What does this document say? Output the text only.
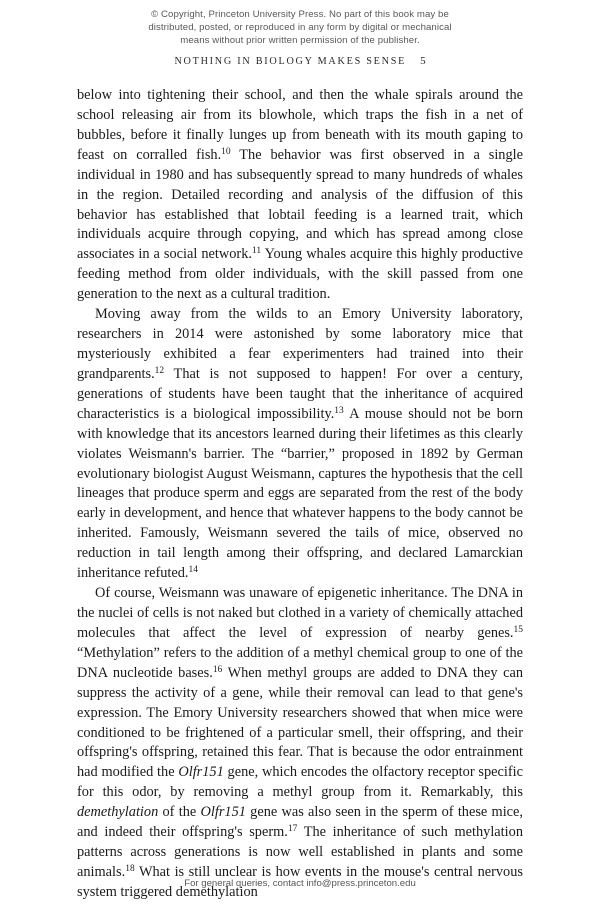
© Copyright, Princeton University Press. No part of this book may be
distributed, posted, or reproduced in any form by digital or mechanical
means without prior written permission of the publisher.
NOTHING IN BIOLOGY MAKES SENSE 5

below into tightening their school, and then the whale spirals around the school releasing air from its blowhole, which traps the fish in a net of bubbles, before it finally lunges up from beneath with its mouth gaping to feast on corralled fish.$^{10}$ The behavior was first observed in a single individual in 1980 and has subsequently spread to many hundreds of whales in the region. Detailed recording and analysis of the diffusion of this behavior has established that lobtail feeding is a learned trait, which individuals acquire through copying, and which has spread among close associates in a social network.$^{11}$ Young whales acquire this highly productive feeding method from older individuals, with the skill passed from one generation to the next as a cultural tradition.

Moving away from the wilds to an Emory University laboratory, researchers in 2014 were astonished by some laboratory mice that mysteriously exhibited a fear experimenters had trained into their grandparents.$^{12}$ That is not supposed to happen! For over a century, generations of students have been taught that the inheritance of acquired characteristics is a biological impossibility.$^{13}$ A mouse should not be born with knowledge that its ancestors learned during their lifetimes as this clearly violates Weismann's barrier. The “barrier,” proposed in 1892 by German evolutionary biologist August Weismann, captures the hypothesis that the cell lineages that produce sperm and eggs are separated from the rest of the body early in development, and hence that whatever happens to the body cannot be inherited. Famously, Weismann severed the tails of mice, observed no reduction in tail length among their offspring, and declared Lamarckian inheritance refuted.$^{14}$

Of course, Weismann was unaware of epigenetic inheritance. The DNA in the nuclei of cells is not naked but clothed in a variety of chemically attached molecules that affect the level of expression of nearby genes.$^{15}$ “Methylation” refers to the addition of a methyl chemical group to one of the DNA nucleotide bases.$^{16}$ When methyl groups are added to DNA they can suppress the activity of a gene, while their removal can lead to that gene's expression. The Emory University researchers showed that when mice were conditioned to be frightened of a particular smell, their offspring, and their offspring's offspring, retained this fear. That is because the odor entrainment had modified the Olfr151 gene, which encodes the olfactory receptor specific for this odor, by removing a methyl group from it. Remarkably, this demethylation of the Olfr151 gene was also seen in the sperm of these mice, and indeed their offspring's sperm.$^{17}$ The inheritance of such methylation patterns across generations is now well established in plants and some animals.$^{18}$ What is still unclear is how events in the mouse's central nervous system triggered demethylation

For general queries, contact info@press.princeton.edu
